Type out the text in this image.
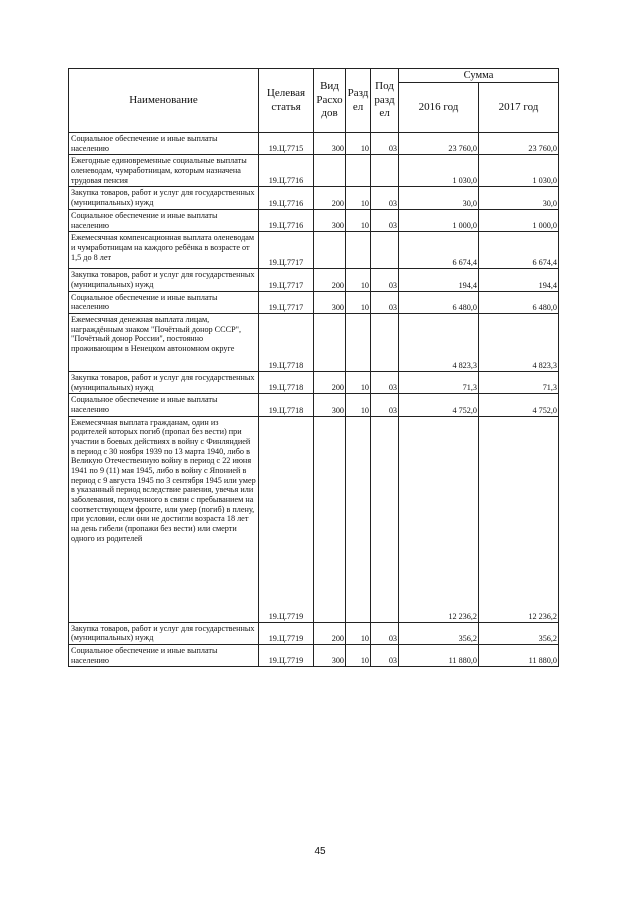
Наименование	Целевая статья	Вид Расхо дов	Разд ел	Под разд ел	Сумма	
					2016 год	2017 год
Социальное обеспечение и иные выплаты населению	19.Ц.7715	300	10	03	23 760,0	23 760,0
Ежегодные единовременные социальные выплаты оленеводам, чумработницам, которым назначена трудовая пенсия	19.Ц.7716				1 030,0	1 030,0
Закупка товаров, работ и услуг для государственных (муниципальных) нужд	19.Ц.7716	200	10	03	30,0	30,0
Социальное обеспечение и иные выплаты населению	19.Ц.7716	300	10	03	1 000,0	1 000,0
Ежемесячная компенсационная выплата оленеводам и чумработницам на каждого ребёнка в возрасте от 1,5 до 8 лет	19.Ц.7717				6 674,4	6 674,4
Закупка товаров, работ и услуг для государственных (муниципальных) нужд	19.Ц.7717	200	10	03	194,4	194,4
Социальное обеспечение и иные выплаты населению	19.Ц.7717	300	10	03	6 480,0	6 480,0
Ежемесячная денежная выплата лицам, награждённым знаком "Почётный донор СССР", "Почётный донор России", постоянно проживающим в Ненецком автономном округе	19.Ц.7718				4 823,3	4 823,3
Закупка товаров, работ и услуг для государственных (муниципальных) нужд	19.Ц.7718	200	10	03	71,3	71,3
Социальное обеспечение и иные выплаты населению	19.Ц.7718	300	10	03	4 752,0	4 752,0
Ежемесячная выплата гражданам, один из родителей которых погиб (пропал без вести) при участии в боевых действиях в войну с Финляндией в период с 30 ноября 1939 по 13 марта 1940, либо в Великую Отечественную войну в период с 22 июня 1941 по 9 (11) мая 1945, либо в войну с Японией в период с 9 августа 1945 по 3 сентября 1945 или умер в указанный период вследствие ранения, увечья или заболевания, полученного в связи с пребыванием на соответствующем фронте, или умер (погиб) в плену, при условии, если они не достигли возраста 18 лет на день гибели (пропажи без вести) или смерти одного из родителей	19.Ц.7719				12 236,2	12 236,2
Закупка товаров, работ и услуг для государственных (муниципальных) нужд	19.Ц.7719	200	10	03	356,2	356,2
Социальное обеспечение и иные выплаты населению	19.Ц.7719	300	10	03	11 880,0	11 880,0
45
